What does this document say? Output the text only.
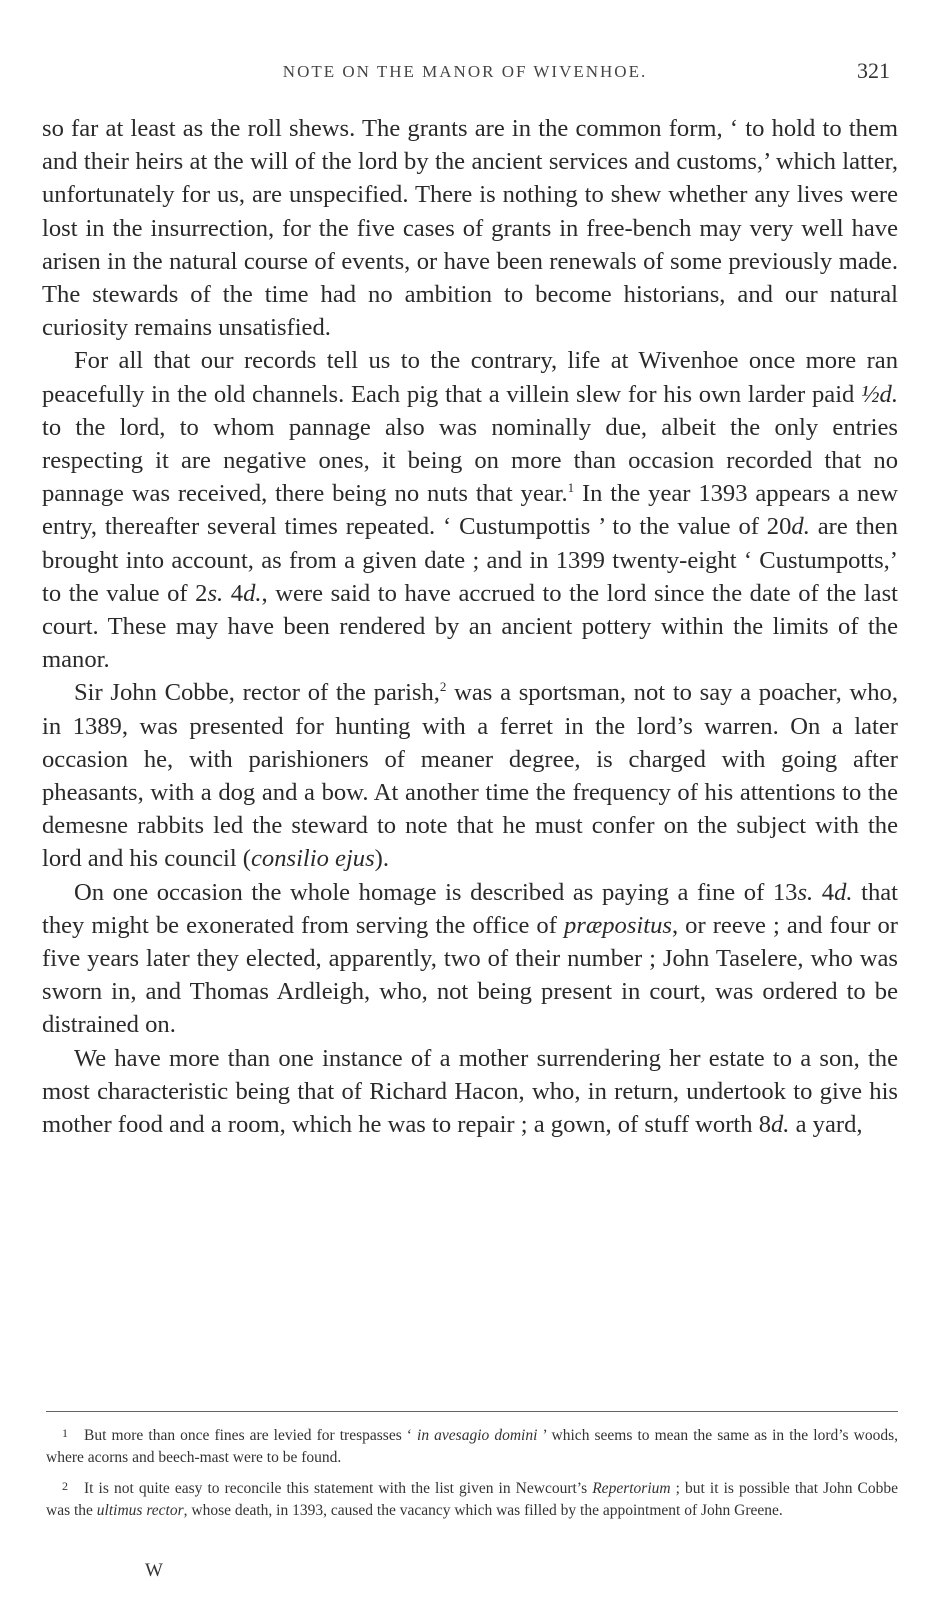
NOTE ON THE MANOR OF WIVENHOE.	321

so far at least as the roll shews. The grants are in the common form, ‘ to hold to them and their heirs at the will of the lord by the ancient services and customs,’ which latter, unfortunately for us, are unspecified. There is nothing to shew whether any lives were lost in the insurrection, for the five cases of grants in free-bench may very well have arisen in the natural course of events, or have been renewals of some previously made. The stewards of the time had no ambition to become historians, and our natural curiosity remains unsatisfied.

For all that our records tell us to the contrary, life at Wivenhoe once more ran peacefully in the old channels. Each pig that a villein slew for his own larder paid ½d. to the lord, to whom pannage also was nominally due, albeit the only entries respecting it are negative ones, it being on more than occasion recorded that no pannage was received, there being no nuts that year.$^1$ In the year 1393 appears a new entry, thereafter several times repeated. ‘ Custumpottis ’ to the value of 20d. are then brought into account, as from a given date ; and in 1399 twenty-eight ‘ Custumpotts,’ to the value of 2s. 4d., were said to have accrued to the lord since the date of the last court. These may have been rendered by an ancient pottery within the limits of the manor.

Sir John Cobbe, rector of the parish,$^2$ was a sportsman, not to say a poacher, who, in 1389, was presented for hunting with a ferret in the lord’s warren. On a later occasion he, with parishioners of meaner degree, is charged with going after pheasants, with a dog and a bow. At another time the frequency of his attentions to the demesne rabbits led the steward to note that he must confer on the subject with the lord and his council (consilio ejus).

On one occasion the whole homage is described as paying a fine of 13s. 4d. that they might be exonerated from serving the office of præpositus, or reeve ; and four or five years later they elected, apparently, two of their number ; John Taselere, who was sworn in, and Thomas Ardleigh, who, not being present in court, was ordered to be distrained on.

We have more than one instance of a mother surrendering her estate to a son, the most characteristic being that of Richard Hacon, who, in return, undertook to give his mother food and a room, which he was to repair ; a gown, of stuff worth 8d. a yard,

1 But more than once fines are levied for trespasses ‘ in avesagio domini ’ which seems to mean the same as in the lord’s woods, where acorns and beech-mast were to be found.

2 It is not quite easy to reconcile this statement with the list given in Newcourt’s Repertorium ; but it is possible that John Cobbe was the ultimus rector, whose death, in 1393, caused the vacancy which was filled by the appointment of John Greene.

W
